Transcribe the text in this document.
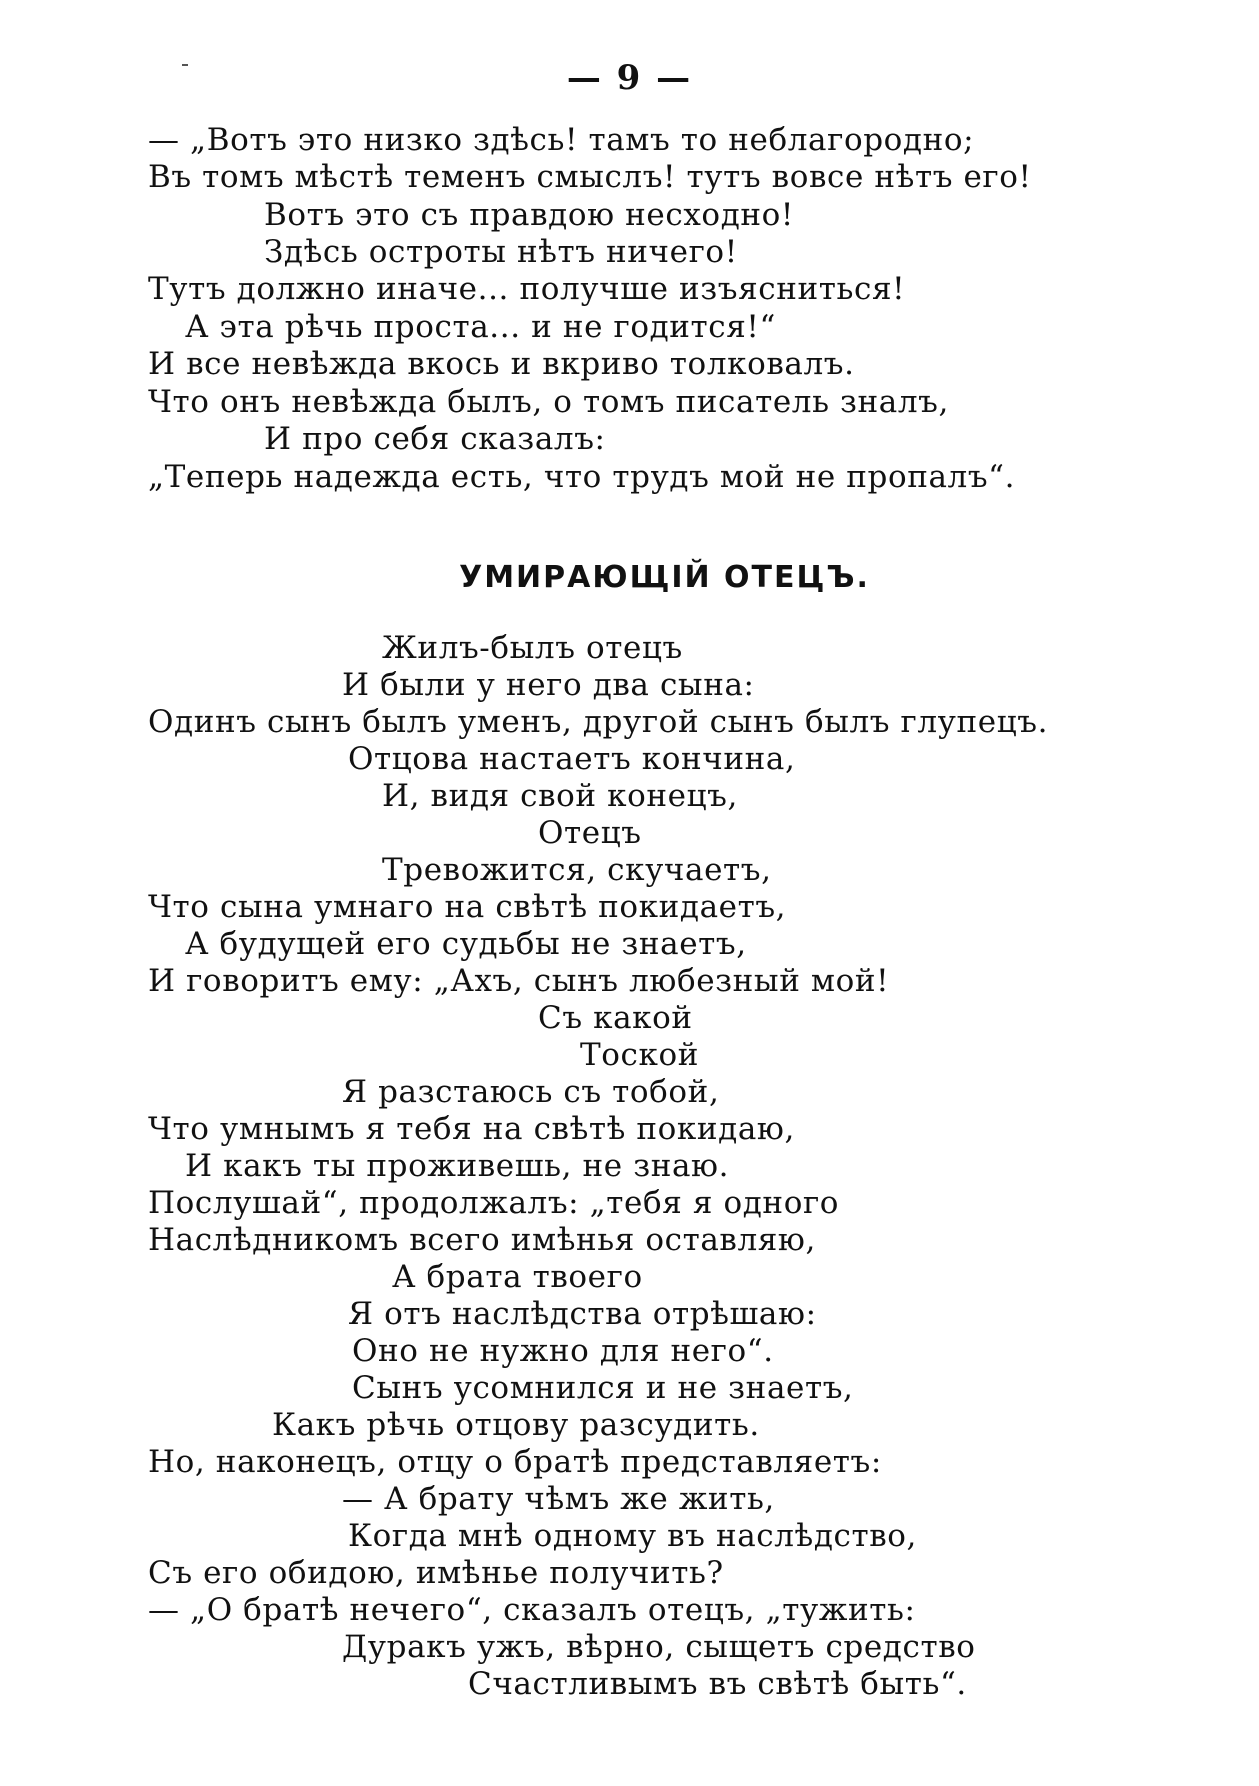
— 9 —
— „Вотъ это низко здѣсь! тамъ то неблагородно;
Въ томъ мѣстѣ теменъ смыслъ! тутъ вовсе нѣтъ его!
Вотъ это съ правдою несходно!
Здѣсь остроты нѣтъ ничего!
Тутъ должно иначе... получше изъясниться!
А эта рѣчь проста... и не годится!“
И все невѣжда вкось и вкриво толковалъ.
Что онъ невѣжда былъ, о томъ писатель зналъ,
И про себя сказалъ:
„Теперь надежда есть, что трудъ мой не пропалъ“.
УМИРАЮЩІЙ ОТЕЦЪ.
Жилъ-былъ отецъ
И были у него два сына:
Одинъ сынъ былъ уменъ, другой сынъ былъ глупецъ.
Отцова настаетъ кончина,
И, видя свой конецъ,
Отецъ
Тревожится, скучаетъ,
Что сына умнаго на свѣтѣ покидаетъ,
А будущей его судьбы не знаетъ,
И говоритъ ему: „Ахъ, сынъ любезный мой!
Съ какой
Тоской
Я разстаюсь съ тобой,
Что умнымъ я тебя на свѣтѣ покидаю,
И какъ ты проживешь, не знаю.
Послушай“, продолжалъ: „тебя я одного
Наслѣдникомъ всего имѣнья оставляю,
А брата твоего
Я отъ наслѣдства отрѣшаю:
Оно не нужно для него“.
Сынъ усомнился и не знаетъ,
Какъ рѣчь отцову разсудить.
Но, наконецъ, отцу о братѣ представляетъ:
— А брату чѣмъ же жить,
Когда мнѣ одному въ наслѣдство,
Съ его обидою, имѣнье получить?
— „О братѣ нечего“, сказалъ отецъ, „тужить:
Дуракъ ужъ, вѣрно, сыщетъ средство
Счастливымъ въ свѣтѣ быть“.
